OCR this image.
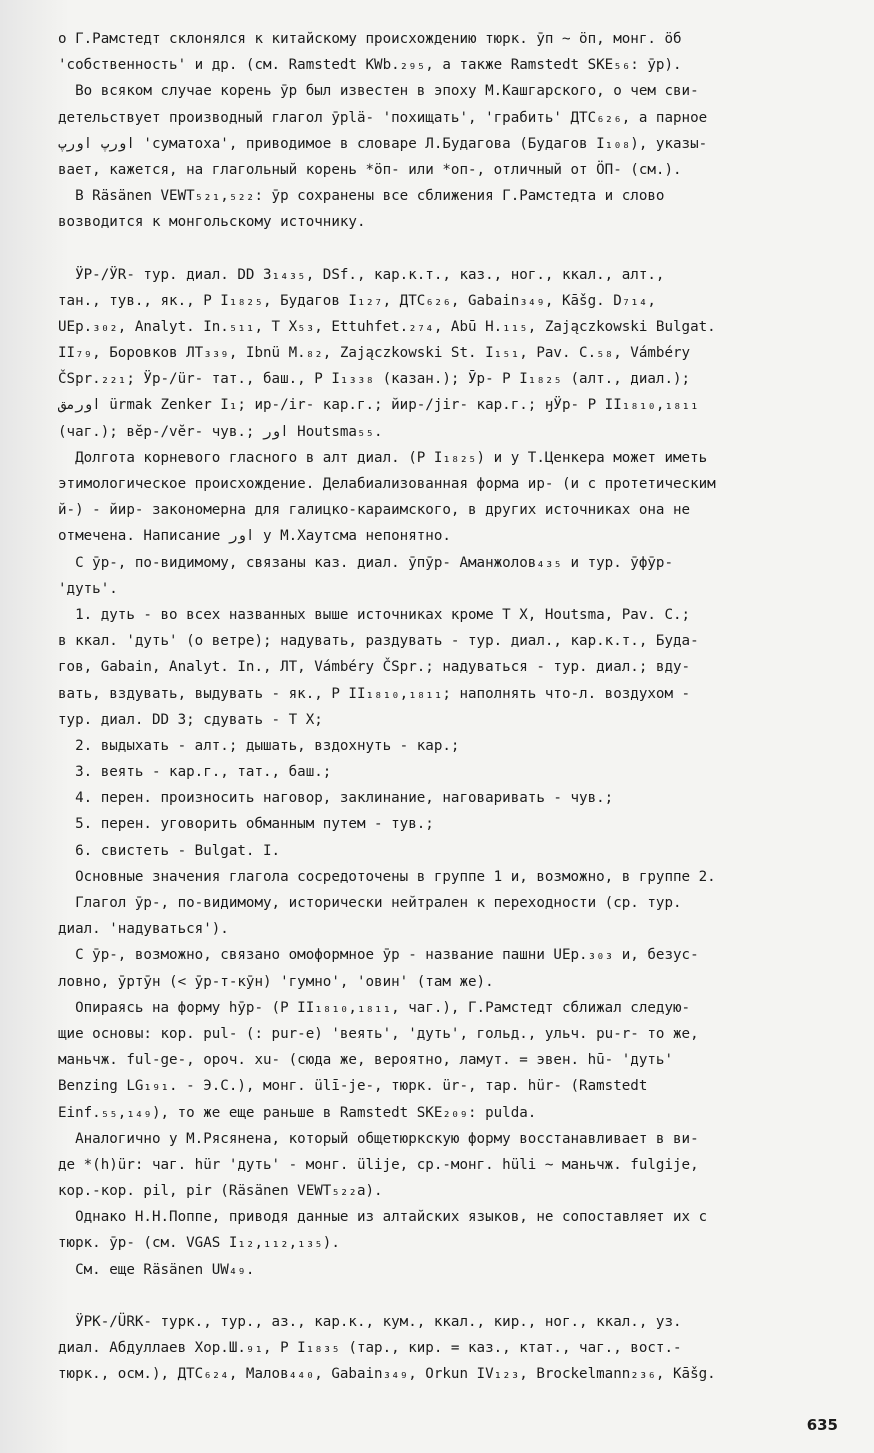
о Г.Рамстедт склонялся к китайскому происхождению тюрк. ӯп ~ ӧп, монг. ӧб
'собственность' и др. (см. Ramstedt KWb.₂₉₅, а также Ramstedt SKE₅₆: ӯр).
Во всяком случае корень ӯр был известен в эпоху М.Кашгарского, о чем сви-
детельствует производный глагол ӯplä- 'похищать', 'грабить' ДТС₆₂₆, а парное
اورپ اورپ 'суматоха', приводимое в словаре Л.Будагова (Будагов I₁₀₈), указы-
вает, кажется, на глагольный корень *ӧп- или *оп-, отличный от ӦП- (см.).
В Räsänen VEWT₅₂₁,₅₂₂: ӯр сохранены все сближения Г.Рамстедта и слово
возводится к монгольскому источнику.
ӰР-/ӰR- тур. диал. DD 3₁₄₃₅, DSf., кар.к.т., каз., ног., ккал., алт.,
тан., тув., як., Р I₁₈₂₅, Будагов I₁₂₇, ДТС₆₂₆, Gabain₃₄₉, Kāšg. D₇₁₄,
UEp.₃₀₂, Analyt. In.₅₁₁, Т X₅₃, Ettuhfet.₂₇₄, Abū H.₁₁₅, Zajączkowski Bulgat.
II₇₉, Боровков ЛТ₃₃₉, Ibnü M.₈₂, Zajączkowski St. I₁₅₁, Pav. C.₅₈, Vámbéry
ČSpr.₂₂₁; Ӱр-/ür- тат., баш., Р I₁₃₃₈ (казан.); Ӯр- Р I₁₈₂₅ (алт., диал.);
اورمق ürmak Zenker I₁; ир-/ir- кар.г.; йир-/jir- кар.г.; ӈӰр- Р II₁₈₁₀,₁₈₁₁
(чаг.); вӗр-/vĕr- чув.; اور Houtsma₅₅.
Долгота корневого гласного в алт диал. (Р I₁₈₂₅) и у Т.Ценкера может иметь
этимологическое происхождение. Делабиализованная форма ир- (и с протетическим
й-) - йир- закономерна для галицко-караимского, в других источниках она не
отмечена. Написание اور у М.Хаутсма непонятно.
С ӯр-, по-видимому, связаны каз. диал. ӯпӯр- Аманжолов₄₃₅ и тур. ӯфӯр-
'дуть'.
1. дуть - во всех названных выше источниках кроме Т X, Houtsma, Pav. C.;
в ккал. 'дуть' (о ветре); надувать, раздувать - тур. диал., кар.к.т., Буда-
гов, Gabain, Analyt. In., ЛТ, Vámbéry ČSpr.; надуваться - тур. диал.; вду-
вать, вздувать, выдувать - як., Р II₁₈₁₀,₁₈₁₁; наполнять что-л. воздухом -
тур. диал. DD 3; сдувать - Т X;
2. выдыхать - алт.; дышать, вздохнуть - кар.;
3. веять - кар.г., тат., баш.;
4. перен. произносить наговор, заклинание, наговаривать - чув.;
5. перен. уговорить обманным путем - тув.;
6. свистеть - Bulgat. I.
Основные значения глагола сосредоточены в группе 1 и, возможно, в группе 2.
Глагол ӯр-, по-видимому, исторически нейтрален к переходности (ср. тур.
диал. 'надуваться').
С ӯр-, возможно, связано омоформное ӯр - название пашни UEp.₃₀₃ и, безус-
ловно, ӯртӯн (< ӯр-т-кӯн) 'гумно', 'овин' (там же).
Опираясь на форму hӯр- (Р II₁₈₁₀,₁₈₁₁, чаг.), Г.Рамстедт сближал следую-
щие основы: кор. pul- (: pur-e) 'веять', 'дуть', гольд., ульч. pu-r- то же,
маньчж. ful-ge-, ороч. xu- (сюда же, вероятно, ламут. = эвен. hū- 'дуть'
Benzing LG₁₉₁. - Э.С.), монг. ülī-je-, тюрк. ür-, тар. hür- (Ramstedt
Einf.₅₅,₁₄₉), то же еще раньше в Ramstedt SKE₂₀₉: pulda.
Аналогично у М.Рясянена, который общетюркскую форму восстанавливает в ви-
де *(h)ür: чаг. hür 'дуть' - монг. ülije, ср.-монг. hüli ~ маньчж. fulgije,
кор.-кор. pil, pir (Räsänen VEWT₅₂₂a).
Однако Н.Н.Поппе, приводя данные из алтайских языков, не сопоставляет их с
тюрк. ӯр- (см. VGAS I₁₂,₁₁₂,₁₃₅).
См. еще Räsänen UW₄₉.
ӰРК-/ÜRK- турк., тур., аз., кар.к., кум., ккал., кир., ног., ккал., уз.
диал. Абдуллаев Хор.Ш.₉₁, Р I₁₈₃₅ (тар., кир. = каз., ктат., чаг., вост.-
тюрк., осм.), ДТС₆₂₄, Малов₄₄₀, Gabain₃₄₉, Orkun IV₁₂₃, Brockelmann₂₃₆, Kāšg.
635
